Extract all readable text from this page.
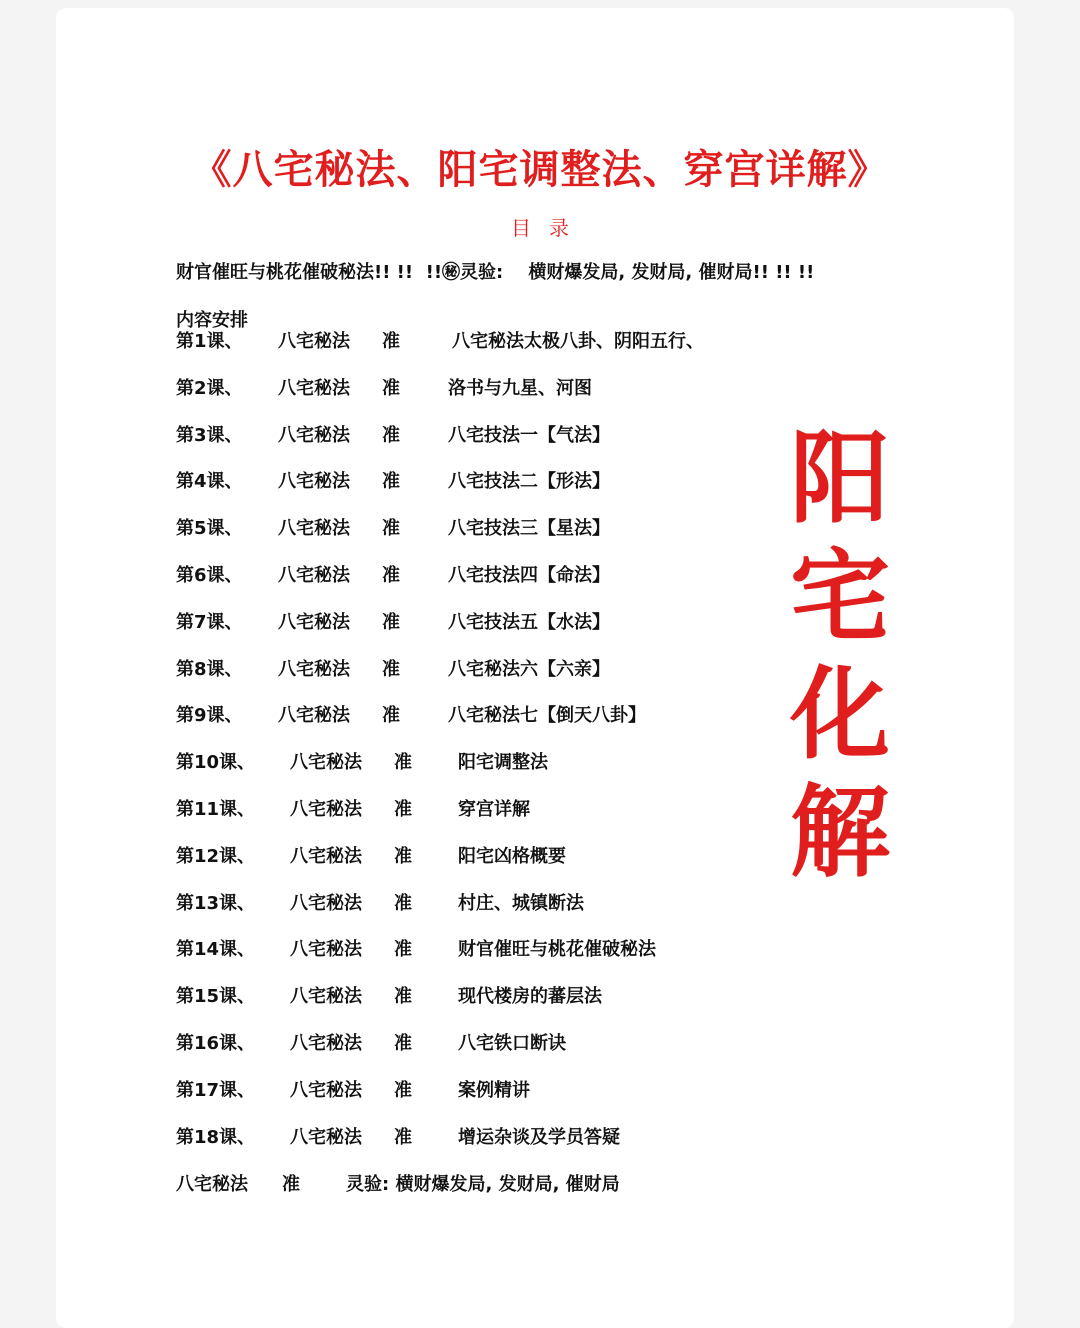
《八宅秘法、阳宅调整法、穿宫详解》
目录
财官催旺与桃花催破秘法!! !!  !!㊙灵验:    横财爆发局, 发财局, 催财局!! !! !!
内容安排
第1课、 八宅秘法 准	八宅秘法太极八卦、阴阳五行、
第2课、 八宅秘法 准	洛书与九星、河图
第3课、 八宅秘法 准	八宅技法一【气法】
第4课、 八宅秘法 准	八宅技法二【形法】
第5课、 八宅秘法 准	八宅技法三【星法】
第6课、 八宅秘法 准	八宅技法四【命法】
第7课、 八宅秘法 准	八宅技法五【水法】
第8课、 八宅秘法 准	八宅秘法六【六亲】
第9课、 八宅秘法 准	八宅秘法七【倒天八卦】
第10课、 八宅秘法 准	阳宅调整法
第11课、 八宅秘法 准	穿宫详解
第12课、 八宅秘法 准	阳宅凶格概要
第13课、 八宅秘法 准	村庄、城镇断法
第14课、 八宅秘法 准	财官催旺与桃花催破秘法
第15课、 八宅秘法 准	现代楼房的蕃层法
第16课、 八宅秘法 准	八宅铁口断诀
第17课、 八宅秘法 准	案例精讲
第18课、 八宅秘法 准	增运杂谈及学员答疑
八宅秘法 准	灵验: 横财爆发局, 发财局, 催财局
阳
宅
化
解
